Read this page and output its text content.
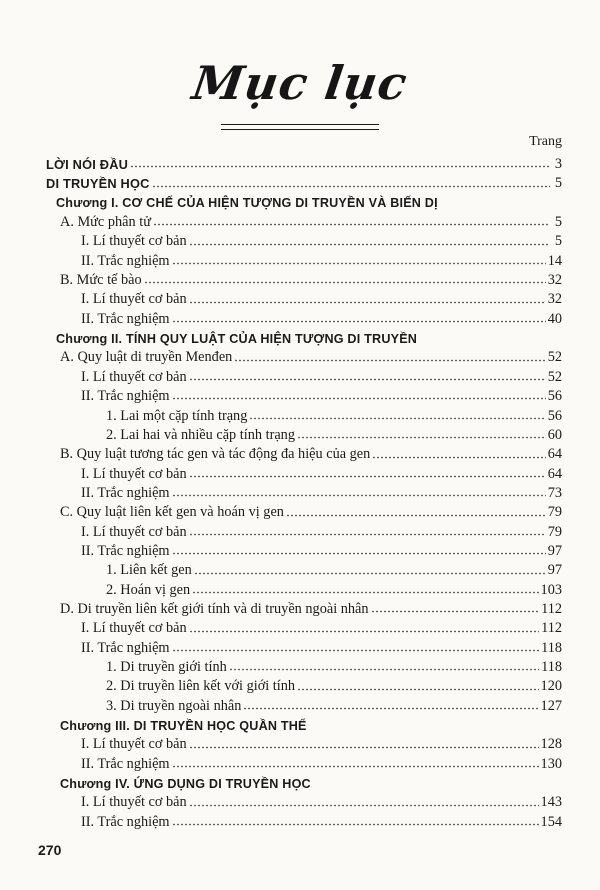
Mục lục
Trang
LỜI NÓI ĐẦU	3
DI TRUYỀN HỌC	5
Chương I. CƠ CHẾ CỦA HIỆN TƯỢNG DI TRUYỀN VÀ BIẾN DỊ
A. Mức phân tử	5
I. Lí thuyết cơ bản	5
II. Trắc nghiệm	14
B. Mức tế bào	32
I. Lí thuyết cơ bản	32
II. Trắc nghiệm	40
Chương II. TÍNH QUY LUẬT CỦA HIỆN TƯỢNG DI TRUYỀN
A. Quy luật di truyền Menđen	52
I. Lí thuyết cơ bản	52
II. Trắc nghiệm	56
1. Lai một cặp tính trạng	56
2. Lai hai và nhiều cặp tính trạng	60
B. Quy luật tương tác gen và tác động đa hiệu của gen	64
I. Lí thuyết cơ bản	64
II. Trắc nghiệm	73
C. Quy luật liên kết gen và hoán vị gen	79
I. Lí thuyết cơ bản	79
II. Trắc nghiệm	97
1. Liên kết gen	97
2. Hoán vị gen	103
D. Di truyền liên kết giới tính và di truyền ngoài nhân	112
I. Lí thuyết cơ bản	112
II. Trắc nghiệm	118
1. Di truyền giới tính	118
2. Di truyền liên kết với giới tính	120
3. Di truyền ngoài nhân	127
Chương III. DI TRUYỀN HỌC QUẦN THỂ
I. Lí thuyết cơ bản	128
II. Trắc nghiệm	130
Chương IV. ỨNG DỤNG DI TRUYỀN HỌC
I. Lí thuyết cơ bản	143
II. Trắc nghiệm	154
270
